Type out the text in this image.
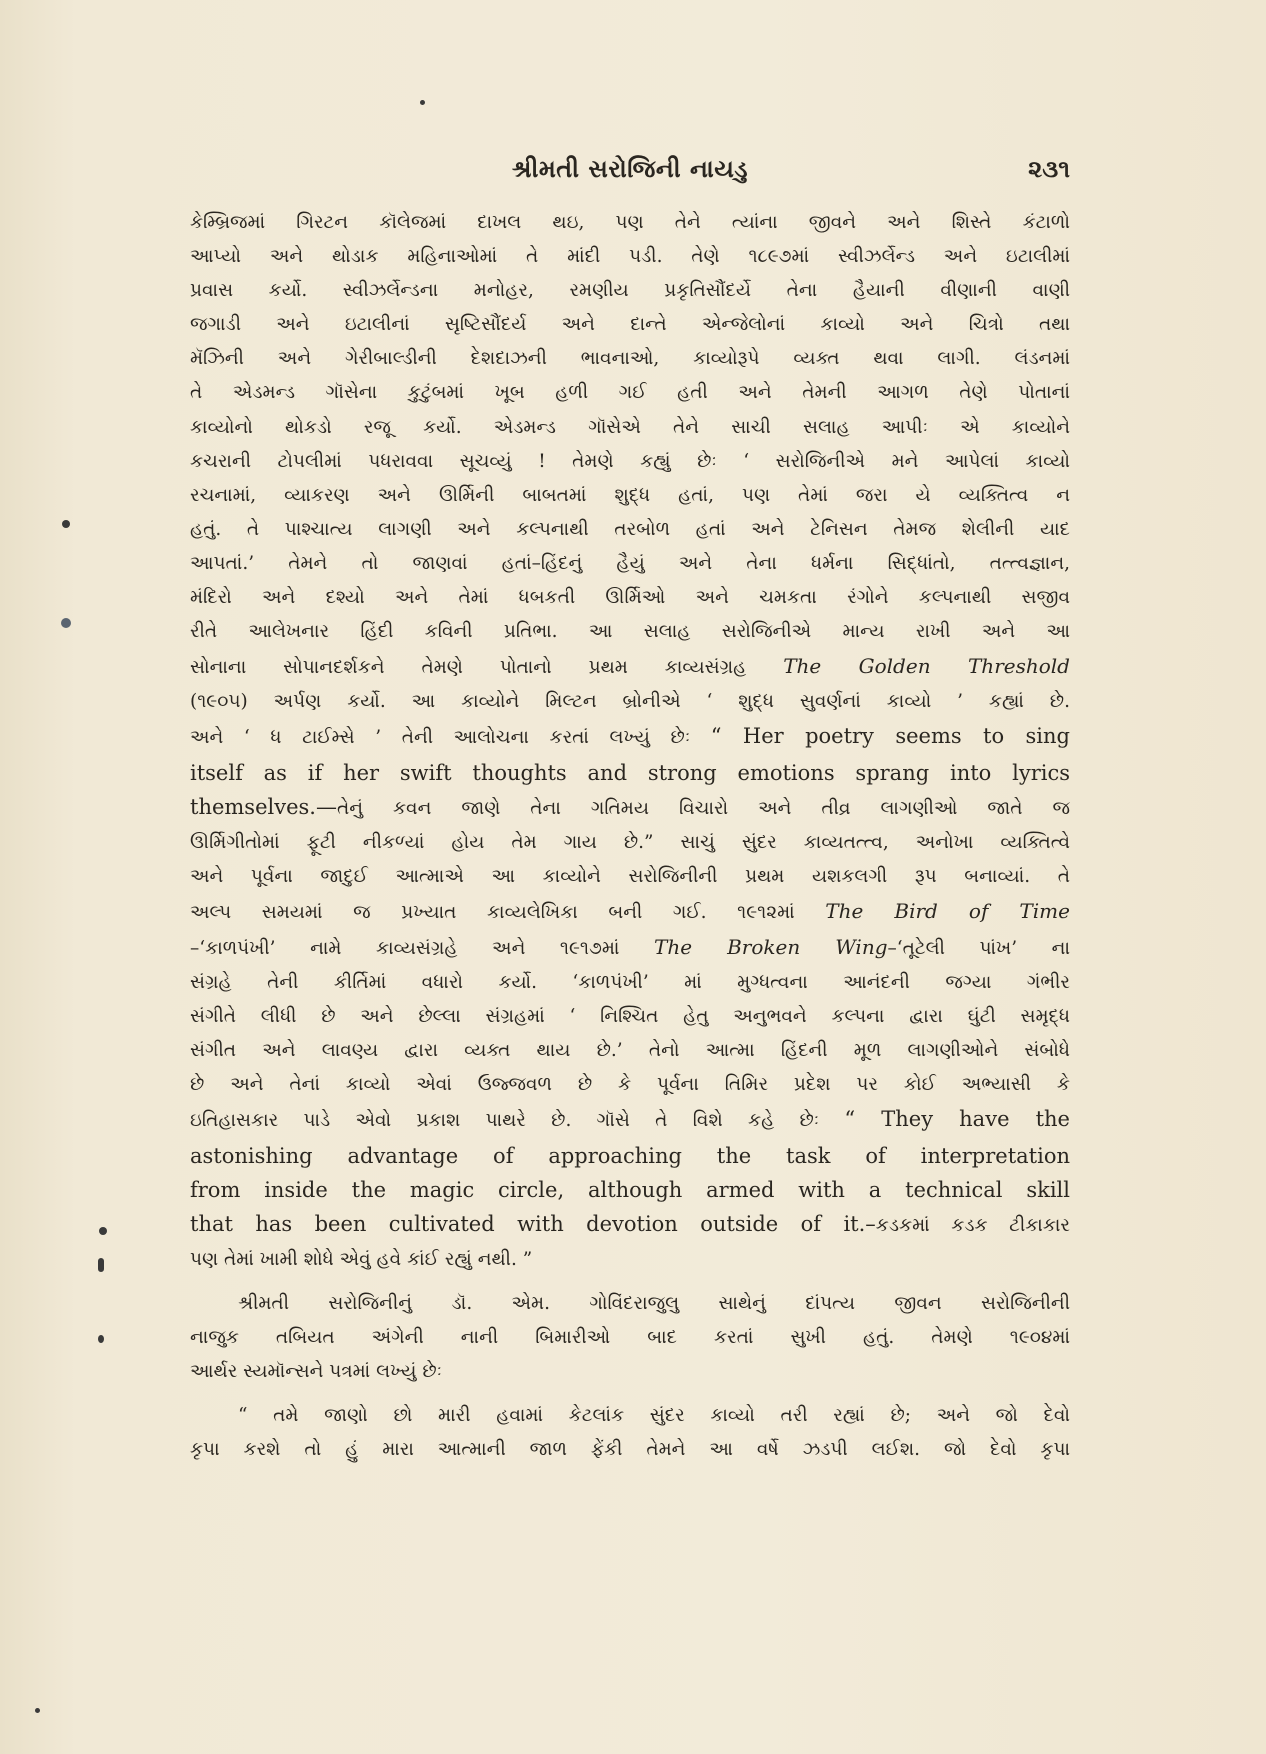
શ્રીમતી સરોજિની નાયડુ	૨૩૧

કેમ્બ્રિજમાં ગિરટન કૉલેજમાં દાખલ થઇ, પણ તેને ત્યાંના જીવને અને શિસ્તે કંટાળો
આપ્યો અને થોડાક મહિનાઓમાં તે માંદી પડી. તેણે ૧૮૯૭માં સ્વીઝર્લેન્ડ અને ઇટાલીમાં
પ્રવાસ કર્યો. સ્વીઝર્લેન્ડના મનોહર, રમણીય પ્રકૃતિસૌંદર્યે તેના હૈયાની વીણાની વાણી
જગાડી અને ઇટાલીનાં સૃષ્ટિસૌંદર્ય અને દાન્તે એન્જેલોનાં કાવ્યો અને ચિત્રો તથા
મૅઝિની અને ગેરીબાલ્ડીની દેશદાઝની ભાવનાઓ, કાવ્યોરૂપે વ્યક્ત થવા લાગી. લંડનમાં
તે એડમન્ડ ગૉસેના કુટુંબમાં ખૂબ હળી ગઈ હતી અને તેમની આગળ તેણે પોતાનાં
કાવ્યોનો થોકડો રજૂ કર્યો. એડમન્ડ ગૉસેએ તેને સાચી સલાહ આપીઃ એ કાવ્યોને
કચરાની ટોપલીમાં પધરાવવા સૂચવ્યું ! તેમણે કહ્યું છેઃ ‘ સરોજિનીએ મને આપેલાં કાવ્યો
રચનામાં, વ્યાકરણ અને ઊર્મિની બાબતમાં શુદ્ધ હતાં, પણ તેમાં જરા યે વ્યક્તિત્વ ન
હતું. તે પાશ્ચાત્ય લાગણી અને કલ્પનાથી તરબોળ હતાં અને ટેનિસન તેમજ શેલીની યાદ
આપતાં.’ તેમને તો જાણવાં હતાં–હિંદનું હૈયું અને તેના ધર્મના સિદ્ધાંતો, તત્ત્વજ્ઞાન,
મંદિરો અને દશ્યો અને તેમાં ધબકતી ઊર્મિઓ અને ચમકતા રંગોને કલ્પનાથી સજીવ
રીતે આલેખનાર હિંદી કવિની પ્રતિભા. આ સલાહ સરોજિનીએ માન્ય રાખી અને આ
સોનાના સોપાનદર્શકને તેમણે પોતાનો પ્રથમ કાવ્યસંગ્રહ The Golden Threshold
(૧૯૦૫) અર્પણ કર્યો. આ કાવ્યોને મિલ્ટન બ્રોનીએ ‘ શુદ્ધ સુવર્ણનાં કાવ્યો ’ કહ્યાં છે.
અને ‘ ધ ટાઈમ્સે ’ તેની આલોચના કરતાં લખ્યું છેઃ “ Her poetry seems to sing
itself as if her swift thoughts and strong emotions sprang into lyrics
themselves.—તેનું કવન જાણે તેના ગતિમય વિચારો અને તીવ્ર લાગણીઓ જાતે જ
ઊર્મિગીતોમાં ફૂટી નીકળ્યાં હોય તેમ ગાય છે.” સાચું સુંદર કાવ્યતત્ત્વ, અનોખા વ્યક્તિત્વે
અને પૂર્વના જાદુઈ આત્માએ આ કાવ્યોને સરોજિનીની પ્રથમ યશકલગી રૂપ બનાવ્યાં. તે
અલ્પ સમયમાં જ પ્રખ્યાત કાવ્યલેખિકા બની ગઈ. ૧૯૧૨માં The Bird of Time
–‘કાળપંખી’ નામે કાવ્યસંગ્રહે અને ૧૯૧૭માં The Broken Wing–‘તૂટેલી પાંખ’ ના
સંગ્રહે તેની કીર્તિમાં વધારો કર્યો. ‘કાળપંખી’ માં મુગ્ધત્વના આનંદની જગ્યા ગંભીર
સંગીતે લીધી છે અને છેલ્લા સંગ્રહમાં ‘ નિશ્ચિત હેતુ અનુભવને કલ્પના દ્વારા ઘુંટી સમૃદ્ધ
સંગીત અને લાવણ્ય દ્વારા વ્યક્ત થાય છે.’ તેનો આત્મા હિંદની મૂળ લાગણીઓને સંબોધે
છે અને તેનાં કાવ્યો એવાં ઉજ્જવળ છે કે પૂર્વના તિમિર પ્રદેશ પર કોઈ અભ્યાસી કે
ઇતિહાસકાર પાડે એવો પ્રકાશ પાથરે છે. ગૉસે તે વિશે કહે છેઃ “ They have the
astonishing advantage of approaching the task of interpretation
from inside the magic circle, although armed with a technical skill
that has been cultivated with devotion outside of it.–કડકમાં કડક ટીકાકાર
પણ તેમાં ખામી શોધે એવું હવે કાંઈ રહ્યું નથી. ”

શ્રીમતી સરોજિનીનું ડૉ. એમ. ગોવિંદરાજુલુ સાથેનું દાંપત્ય જીવન સરોજિનીની
નાજુક તબિયત અંગેની નાની બિમારીઓ બાદ કરતાં સુખી હતું. તેમણે ૧૯૦૪માં
આર્થર સ્યમૉન્સને પત્રમાં લખ્યું છેઃ

“ તમે જાણો છો મારી હવામાં કેટલાંક સુંદર કાવ્યો તરી રહ્યાં છે; અને જો દેવો
કૃપા કરશે તો હું મારા આત્માની જાળ ફેંકી તેમને આ વર્ષે ઝડપી લઈશ. જો દેવો કૃપા
